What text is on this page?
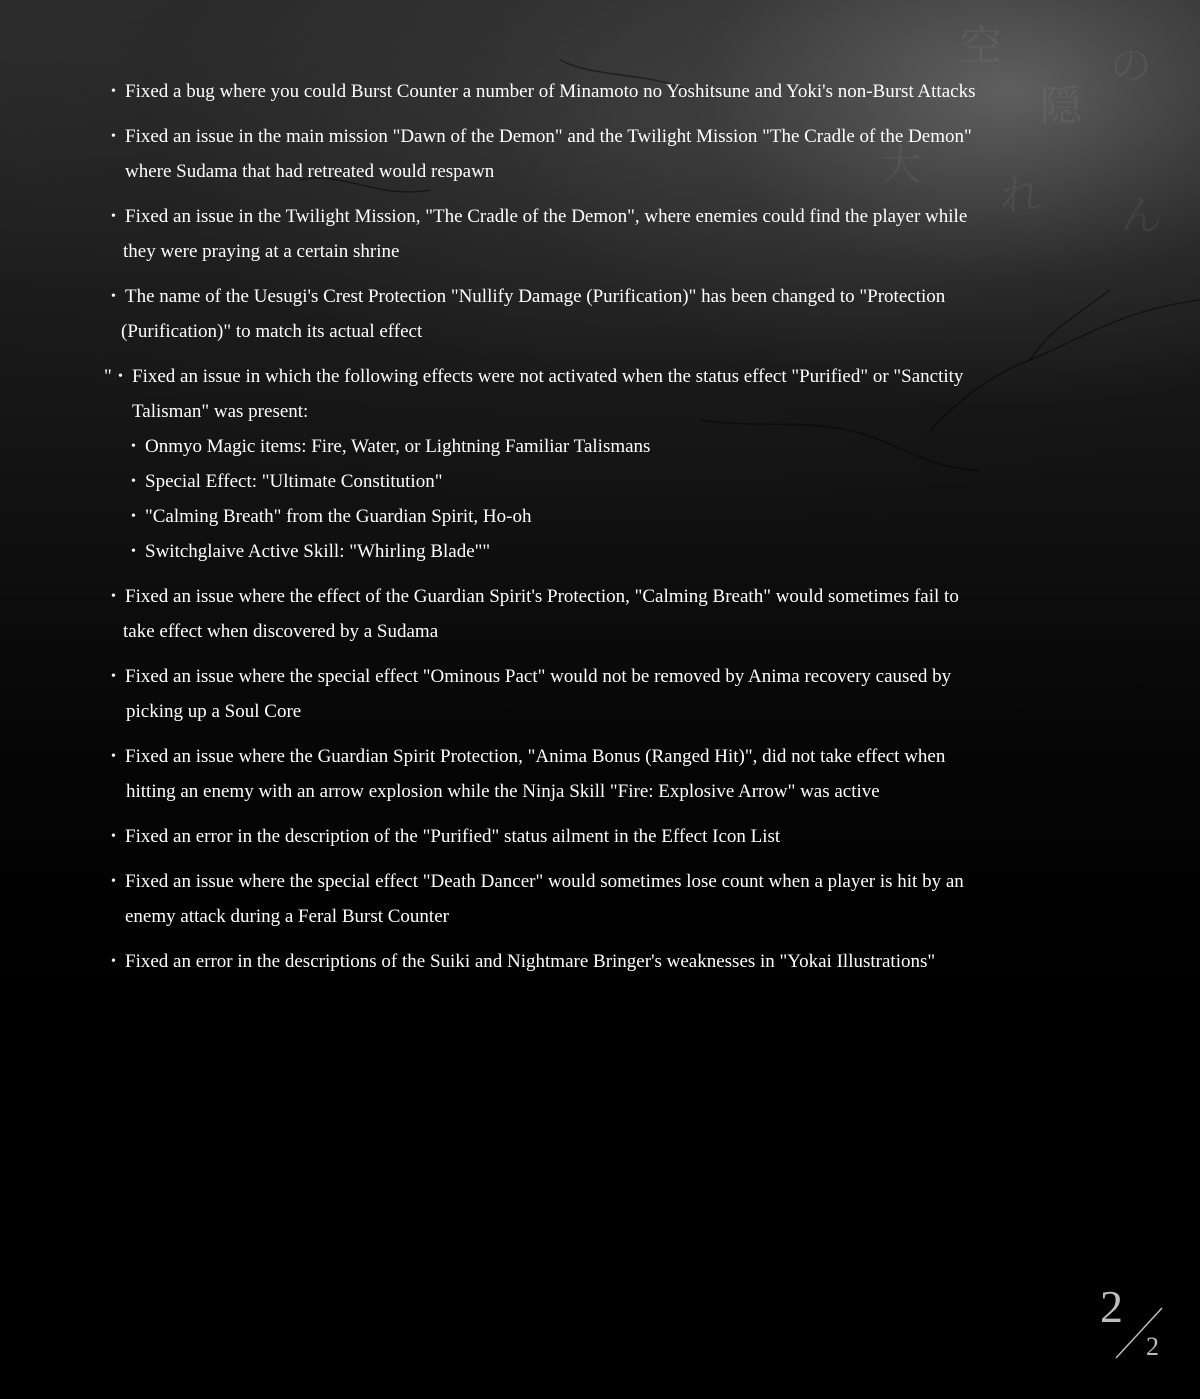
空
隠
の
れ ん
大
• Fixed a bug where you could Burst Counter a number of Minamoto no Yoshitsune and Yoki's non-Burst Attacks
• Fixed an issue in the main mission "Dawn of the Demon" and the Twilight Mission "The Cradle of the Demon"
where Sudama that had retreated would respawn
• Fixed an issue in the Twilight Mission, "The Cradle of the Demon", where enemies could find the player while
they were praying at a certain shrine
• The name of the Uesugi's Crest Protection "Nullify Damage (Purification)" has been changed to "Protection
(Purification)" to match its actual effect
" • Fixed an issue in which the following effects were not activated when the status effect "Purified" or "Sanctity
Talisman" was present:
• Onmyo Magic items: Fire, Water, or Lightning Familiar Talismans
• Special Effect: "Ultimate Constitution"
• "Calming Breath" from the Guardian Spirit, Ho-oh
• Switchglaive Active Skill: "Whirling Blade""
• Fixed an issue where the effect of the Guardian Spirit's Protection, "Calming Breath" would sometimes fail to
take effect when discovered by a Sudama
• Fixed an issue where the special effect "Ominous Pact" would not be removed by Anima recovery caused by
picking up a Soul Core
• Fixed an issue where the Guardian Spirit Protection, "Anima Bonus (Ranged Hit)", did not take effect when
hitting an enemy with an arrow explosion while the Ninja Skill "Fire: Explosive Arrow" was active
• Fixed an error in the description of the "Purified" status ailment in the Effect Icon List
• Fixed an issue where the special effect "Death Dancer" would sometimes lose count when a player is hit by an
enemy attack during a Feral Burst Counter
• Fixed an error in the descriptions of the Suiki and Nightmare Bringer's weaknesses in "Yokai Illustrations"
2
2
